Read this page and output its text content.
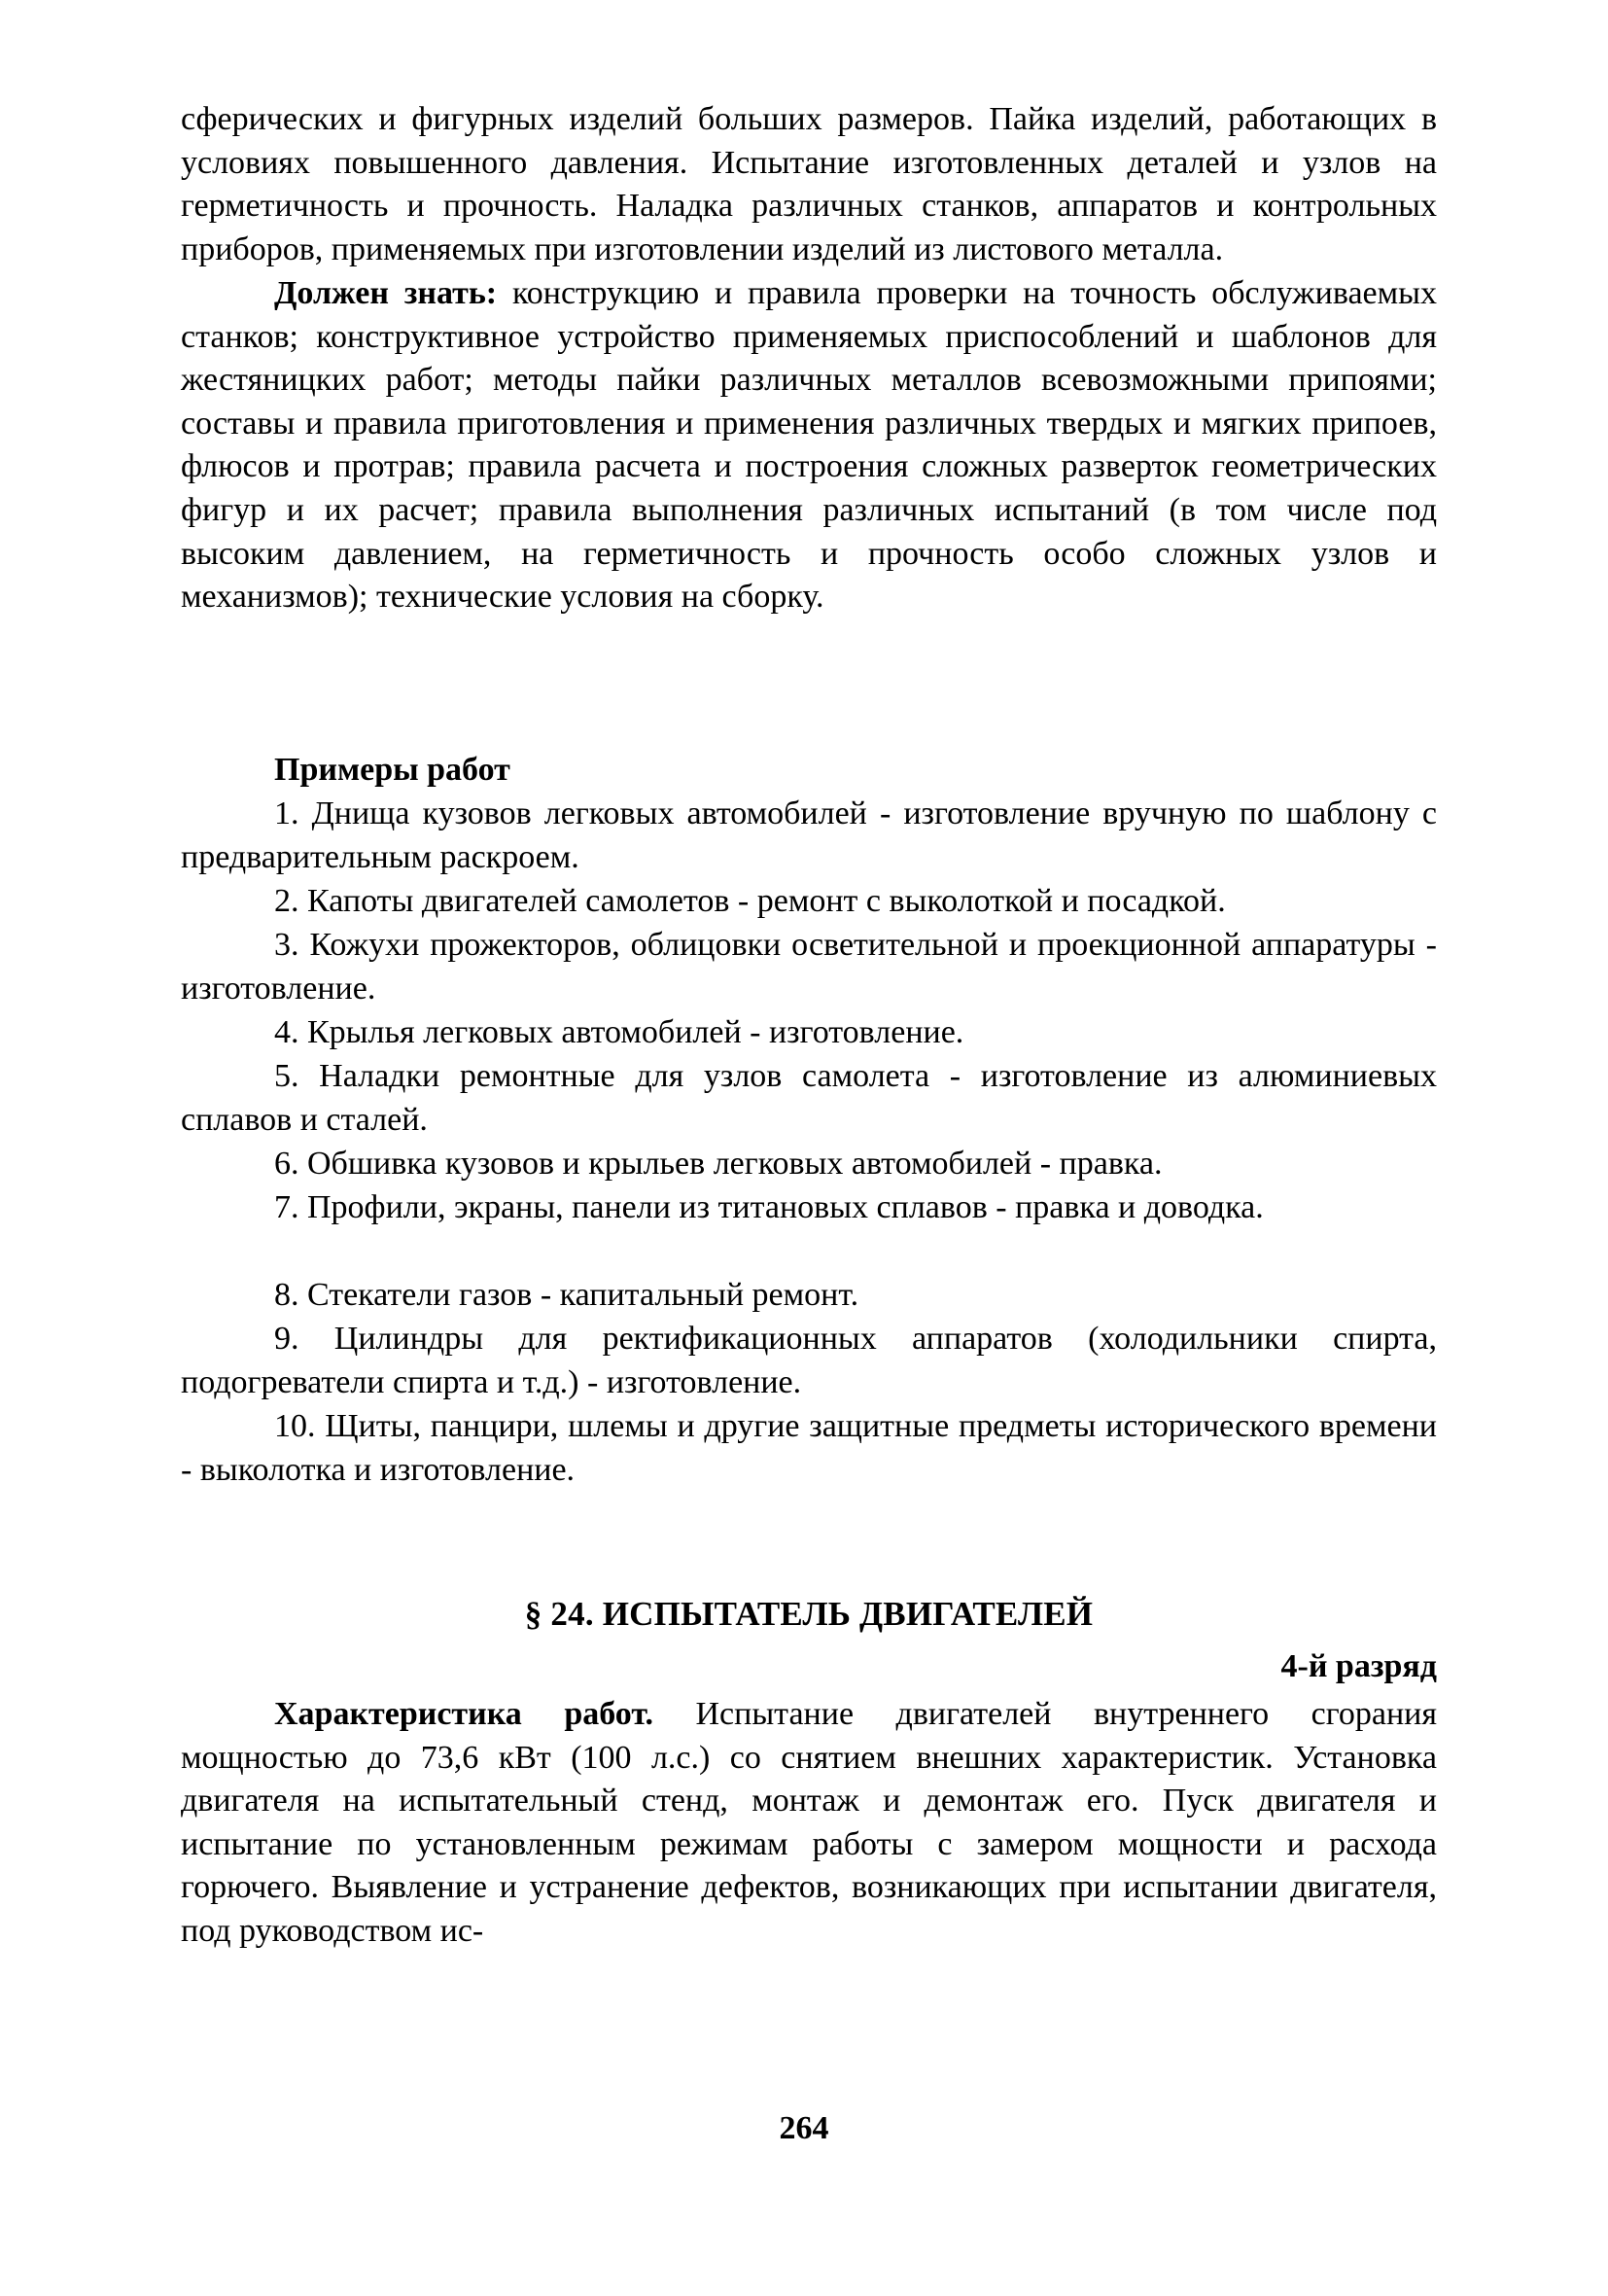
сферических и фигурных изделий больших размеров. Пайка изделий, работающих в условиях повышенного давления. Испытание изготовленных деталей и узлов на герметичность и прочность. Наладка различных станков, аппаратов и контрольных приборов, применяемых при изготовлении изделий из листового металла.

Должен знать: конструкцию и правила проверки на точность обслуживаемых станков; конструктивное устройство применяемых приспособлений и шаблонов для жестяницких работ; методы пайки различных металлов всевозможными припоями; составы и правила приготовления и применения различных твердых и мягких припоев, флюсов и протрав; правила расчета и построения сложных разверток геометрических фигур и их расчет; правила выполнения различных испытаний (в том числе под высоким давлением, на герметичность и прочность особо сложных узлов и механизмов); технические условия на сборку.

Примеры работ

1. Днища кузовов легковых автомобилей - изготовление вручную по шаблону с предварительным раскроем.

2. Капоты двигателей самолетов - ремонт с выколоткой и посадкой.

3. Кожухи прожекторов, облицовки осветительной и проекционной аппаратуры - изготовление.

4. Крылья легковых автомобилей - изготовление.

5. Наладки ремонтные для узлов самолета - изготовление из алюминиевых сплавов и сталей.

6. Обшивка кузовов и крыльев легковых автомобилей - правка.

7. Профили, экраны, панели из титановых сплавов - правка и доводка.

8. Стекатели газов - капитальный ремонт.

9. Цилиндры для ректификационных аппаратов (холодильники спирта, подогреватели спирта и т.д.) - изготовление.

10. Щиты, панцири, шлемы и другие защитные предметы исторического времени - выколотка и изготовление.

§ 24. ИСПЫТАТЕЛЬ ДВИГАТЕЛЕЙ

4-й разряд

Характеристика работ. Испытание двигателей внутреннего сгорания мощностью до 73,6 кВт (100 л.с.) со снятием внешних характеристик. Установка двигателя на испытательный стенд, монтаж и демонтаж его. Пуск двигателя и испытание по установленным режимам работы с замером мощности и расхода горючего. Выявление и устранение дефектов, возникающих при испытании двигателя, под руководством ис-

264
